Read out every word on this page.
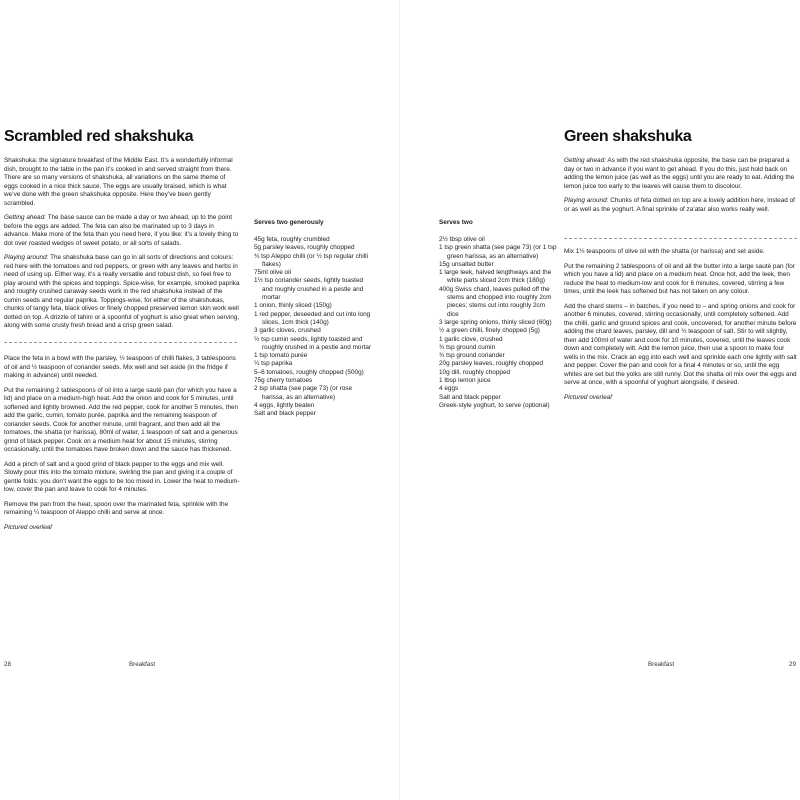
Scrambled red shakshuka

Shakshuka: the signature breakfast of the Middle East. It’s a wonderfully informal dish, brought to the table in the pan it’s cooked in and served straight from there. There are so many versions of shakshuka, all variations on the same theme of eggs cooked in a nice thick sauce. The eggs are usually braised, which is what we’ve done with the green shakshuka opposite. Here they’ve been gently scrambled.

Getting ahead: The base sauce can be made a day or two ahead, up to the point before the eggs are added. The feta can also be marinated up to 3 days in advance. Make more of the feta than you need here, if you like: it’s a lovely thing to dot over roasted wedges of sweet potato, or all sorts of salads.

Playing around: The shakshuka base can go in all sorts of directions and colours: red here with the tomatoes and red peppers, or green with any leaves and herbs in need of using up. Either way, it’s a really versatile and robust dish, so feel free to play around with the spices and toppings. Spice-wise, for example, smoked paprika and roughly crushed caraway seeds work in the red shakshuka instead of the cumin seeds and regular paprika. Toppings-wise, for either of the shakshukas, chunks of tangy feta, black olives or finely chopped preserved lemon skin work well dotted on top. A drizzle of tahini or a spoonful of yoghurt is also great when serving, along with some crusty fresh bread and a crisp green salad.

Place the feta in a bowl with the parsley, ½ teaspoon of chilli flakes, 3 tablespoons of oil and ½ teaspoon of coriander seeds. Mix well and set aside (in the fridge if making in advance) until needed.

Put the remaining 2 tablespoons of oil into a large sauté pan (for which you have a lid) and place on a medium-high heat. Add the onion and cook for 5 minutes, until softened and lightly browned. Add the red pepper, cook for another 5 minutes, then add the garlic, cumin, tomato purée, paprika and the remaining teaspoon of coriander seeds. Cook for another minute, until fragrant, and then add all the tomatoes, the shatta (or harissa), 80ml of water, 1 teaspoon of salt and a generous grind of black pepper. Cook on a medium heat for about 15 minutes, stirring occasionally, until the tomatoes have broken down and the sauce has thickened.

Add a pinch of salt and a good grind of black pepper to the eggs and mix well. Slowly pour this into the tomato mixture, swirling the pan and giving it a couple of gentle folds: you don’t want the eggs to be too mixed in. Lower the heat to medium-low, cover the pan and leave to cook for 4 minutes.

Remove the pan from the heat, spoon over the marinated feta, sprinkle with the remaining ¼ teaspoon of Aleppo chilli and serve at once.

Pictured overleaf

Serves two generously
45g feta, roughly crumbled
5g parsley leaves, roughly chopped
¾ tsp Aleppo chilli (or ½ tsp regular chilli flakes)
75ml olive oil
1½ tsp coriander seeds, lightly toasted and roughly crushed in a pestle and mortar
1 onion, thinly sliced (150g)
1 red pepper, deseeded and cut into long slices, 1cm thick (140g)
3 garlic cloves, crushed
½ tsp cumin seeds, lightly toasted and roughly crushed in a pestle and mortar
1 tsp tomato purée
¼ tsp paprika
5–6 tomatoes, roughly chopped (500g)
75g cherry tomatoes
2 tsp shatta (see page 73) (or rose harissa, as an alternative)
4 eggs, lightly beaten
Salt and black pepper
28	Breakfast
Serves two
2½ tbsp olive oil
1 tsp green shatta (see page 73) (or 1 tsp green harissa, as an alternative)
15g unsalted butter
1 large leek, halved lengthways and the white parts sliced 2cm thick (180g)
400g Swiss chard, leaves pulled off the stems and chopped into roughly 2cm pieces; stems cut into roughly 2cm dice
3 large spring onions, thinly sliced (60g)
½ a green chilli, finely chopped (5g)
1 garlic clove, crushed
¾ tsp ground cumin
¾ tsp ground coriander
20g parsley leaves, roughly chopped
10g dill, roughly chopped
1 tbsp lemon juice
4 eggs
Salt and black pepper
Greek-style yoghurt, to serve (optional)
Green shakshuka

Getting ahead: As with the red shakshuka opposite, the base can be prepared a day or two in advance if you want to get ahead. If you do this, just hold back on adding the lemon juice (as well as the eggs) until you are ready to eat. Adding the lemon juice too early to the leaves will cause them to discolour.

Playing around: Chunks of feta dotted on top are a lovely addition here, instead of or as well as the yoghurt. A final sprinkle of za’atar also works really well.

Mix 1½ teaspoons of olive oil with the shatta (or harissa) and set aside.

Put the remaining 2 tablespoons of oil and all the butter into a large sauté pan (for which you have a lid) and place on a medium heat. Once hot, add the leek, then reduce the heat to medium-low and cook for 6 minutes, covered, stirring a few times, until the leek has softened but has not taken on any colour.

Add the chard stems – in batches, if you need to – and spring onions and cook for another 6 minutes, covered, stirring occasionally, until completely softened. Add the chilli, garlic and ground spices and cook, uncovered, for another minute before adding the chard leaves, parsley, dill and ¾ teaspoon of salt. Stir to wilt slightly, then add 100ml of water and cook for 10 minutes, covered, until the leaves cook down and completely wilt. Add the lemon juice, then use a spoon to make four wells in the mix. Crack an egg into each well and sprinkle each one lightly with salt and pepper. Cover the pan and cook for a final 4 minutes or so, until the egg whites are set but the yolks are still runny. Dot the shatta oil mix over the eggs and serve at once, with a spoonful of yoghurt alongside, if desired.

Pictured overleaf

Breakfast	29
